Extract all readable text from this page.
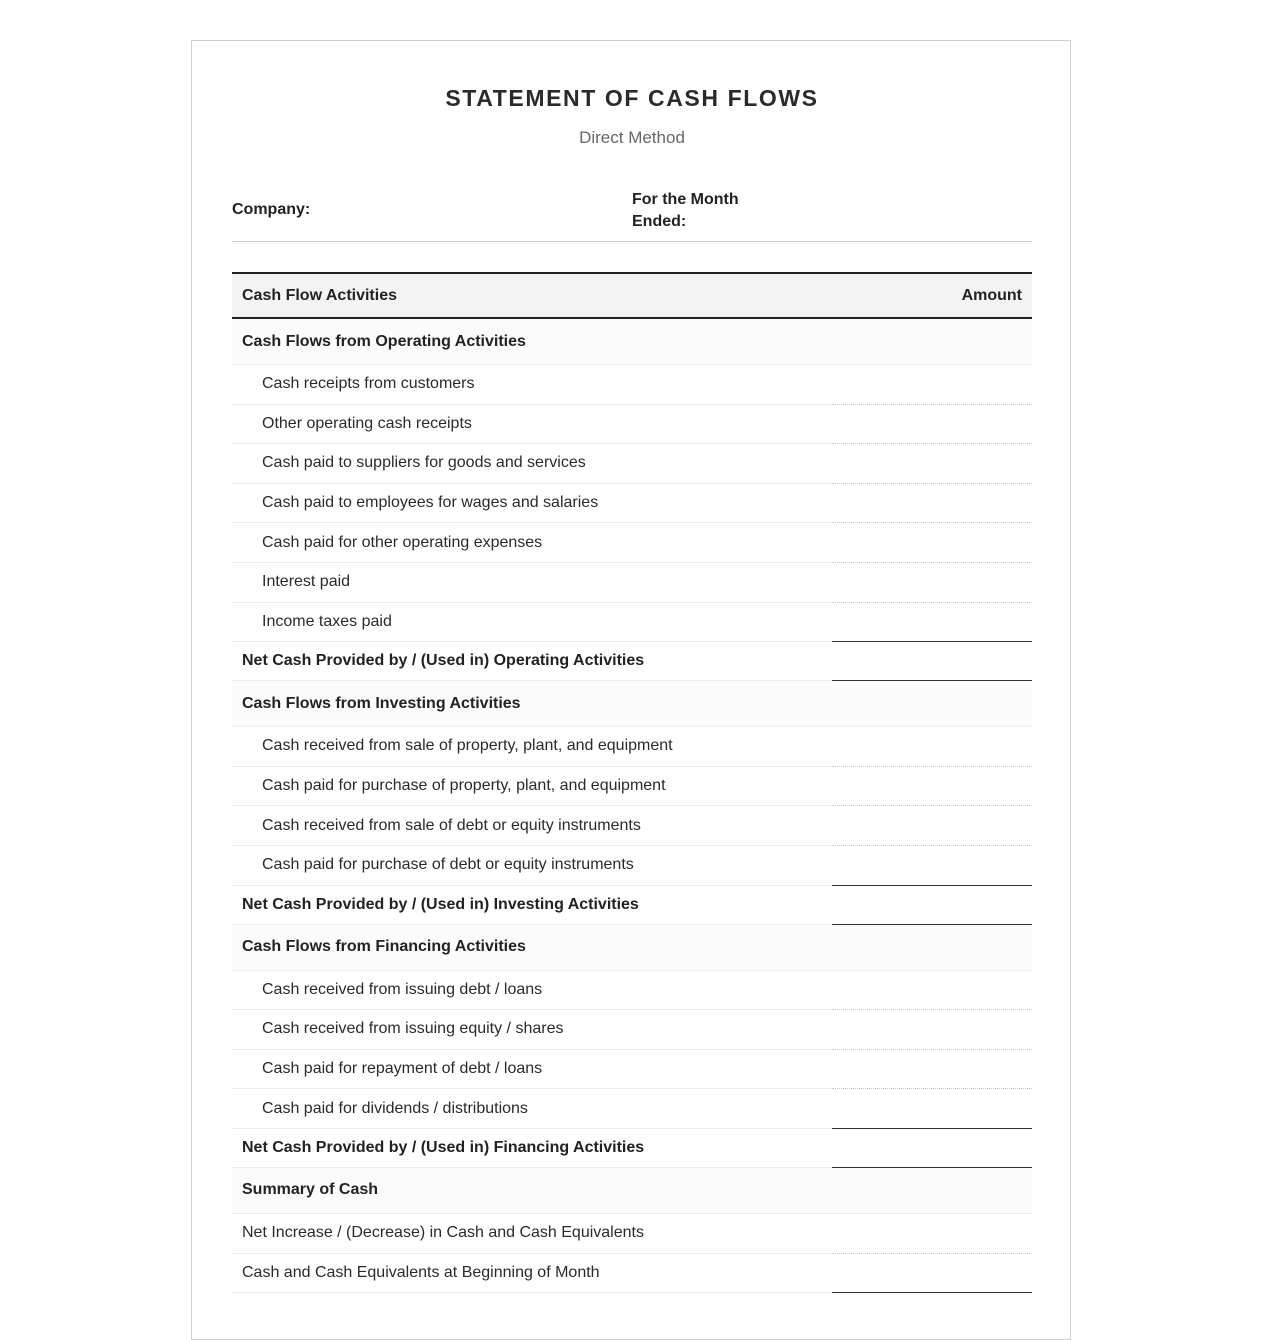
STATEMENT OF CASH FLOWS
Direct Method
Company:
For the Month Ended:
Cash Flow Activities	Amount
Cash Flows from Operating Activities	
Cash receipts from customers	
Other operating cash receipts	
Cash paid to suppliers for goods and services	
Cash paid to employees for wages and salaries	
Cash paid for other operating expenses	
Interest paid	
Income taxes paid	
Net Cash Provided by / (Used in) Operating Activities	
Cash Flows from Investing Activities	
Cash received from sale of property, plant, and equipment	
Cash paid for purchase of property, plant, and equipment	
Cash received from sale of debt or equity instruments	
Cash paid for purchase of debt or equity instruments	
Net Cash Provided by / (Used in) Investing Activities	
Cash Flows from Financing Activities	
Cash received from issuing debt / loans	
Cash received from issuing equity / shares	
Cash paid for repayment of debt / loans	
Cash paid for dividends / distributions	
Net Cash Provided by / (Used in) Financing Activities	
Summary of Cash	
Net Increase / (Decrease) in Cash and Cash Equivalents	
Cash and Cash Equivalents at Beginning of Month	
